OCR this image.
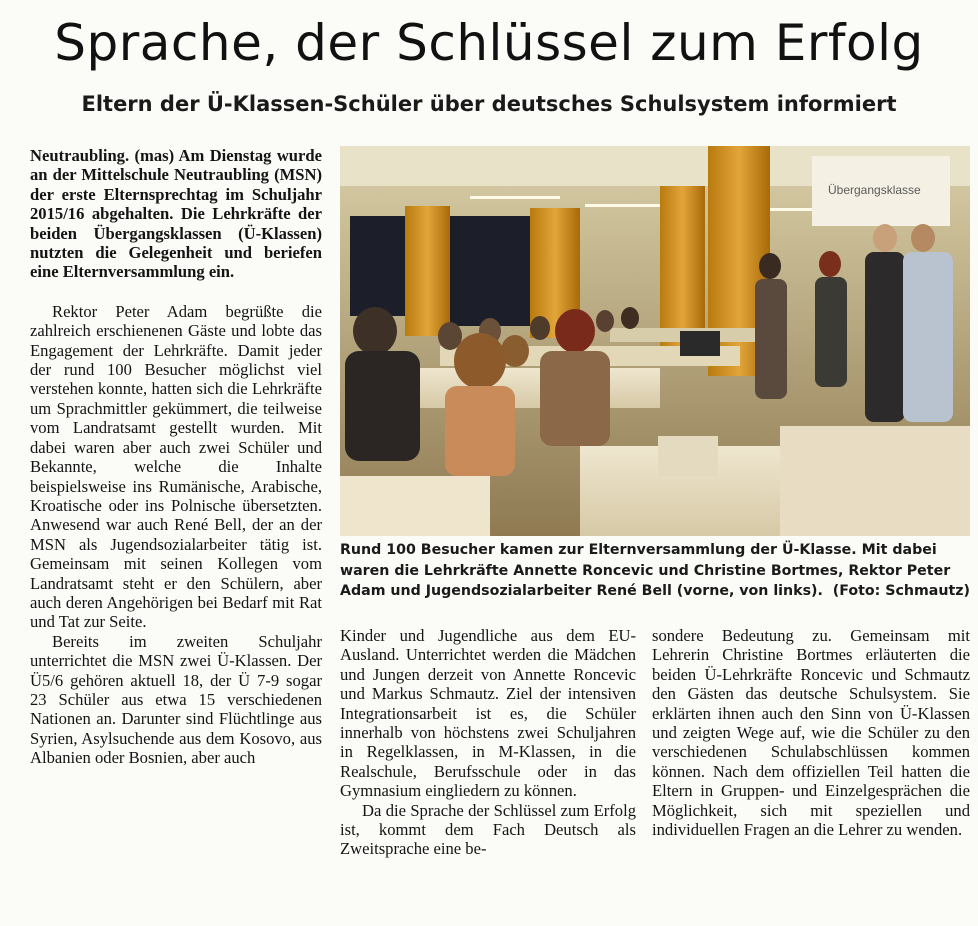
Sprache, der Schlüssel zum Erfolg
Eltern der Ü-Klassen-Schüler über deutsches Schulsystem informiert

Neutraubling. (mas) Am Dienstag wurde an der Mittelschule Neutraubling (MSN) der erste Elternsprechtag im Schuljahr 2015/16 abgehalten. Die Lehrkräfte der beiden Übergangsklassen (Ü-Klassen) nutzten die Gelegenheit und beriefen eine Elternversammlung ein.

Rektor Peter Adam begrüßte die zahlreich erschienenen Gäste und lobte das Engagement der Lehrkräfte. Damit jeder der rund 100 Besucher möglichst viel verstehen konnte, hatten sich die Lehrkräfte um Sprachmittler gekümmert, die teilweise vom Landratsamt gestellt wurden. Mit dabei waren aber auch zwei Schüler und Bekannte, welche die Inhalte beispielsweise ins Rumänische, Arabische, Kroatische oder ins Polnische übersetzten. Anwesend war auch René Bell, der an der MSN als Jugendsozialarbeiter tätig ist. Gemeinsam mit seinen Kollegen vom Landratsamt steht er den Schülern, aber auch deren Angehörigen bei Bedarf mit Rat und Tat zur Seite.

Bereits im zweiten Schuljahr unterrichtet die MSN zwei Ü-Klassen. Der Ü5/6 gehören aktuell 18, der Ü 7-9 sogar 23 Schüler aus etwa 15 verschiedenen Nationen an. Darunter sind Flüchtlinge aus Syrien, Asylsuchende aus dem Kosovo, aus Albanien oder Bosnien, aber auch

Übergangsklasse
Rund 100 Besucher kamen zur Elternversammlung der Ü-Klasse. Mit dabei waren die Lehrkräfte Annette Roncevic und Christine Bortmes, Rektor Peter Adam und Jugendsozialarbeiter René Bell (vorne, von links). (Foto: Schmautz)

Kinder und Jugendliche aus dem EU-Ausland. Unterrichtet werden die Mädchen und Jungen derzeit von Annette Roncevic und Markus Schmautz. Ziel der intensiven Integrationsarbeit ist es, die Schüler innerhalb von höchstens zwei Schuljahren in Regelklassen, in M-Klassen, in die Realschule, Berufsschule oder in das Gymnasium eingliedern zu können.

Da die Sprache der Schlüssel zum Erfolg ist, kommt dem Fach Deutsch als Zweitsprache eine be-

sondere Bedeutung zu. Gemeinsam mit Lehrerin Christine Bortmes erläuterten die beiden Ü-Lehrkräfte Roncevic und Schmautz den Gästen das deutsche Schulsystem. Sie erklärten ihnen auch den Sinn von Ü-Klassen und zeigten Wege auf, wie die Schüler zu den verschiedenen Schulabschlüssen kommen können. Nach dem offiziellen Teil hatten die Eltern in Gruppen- und Einzelgesprächen die Möglichkeit, sich mit speziellen und individuellen Fragen an die Lehrer zu wenden.
